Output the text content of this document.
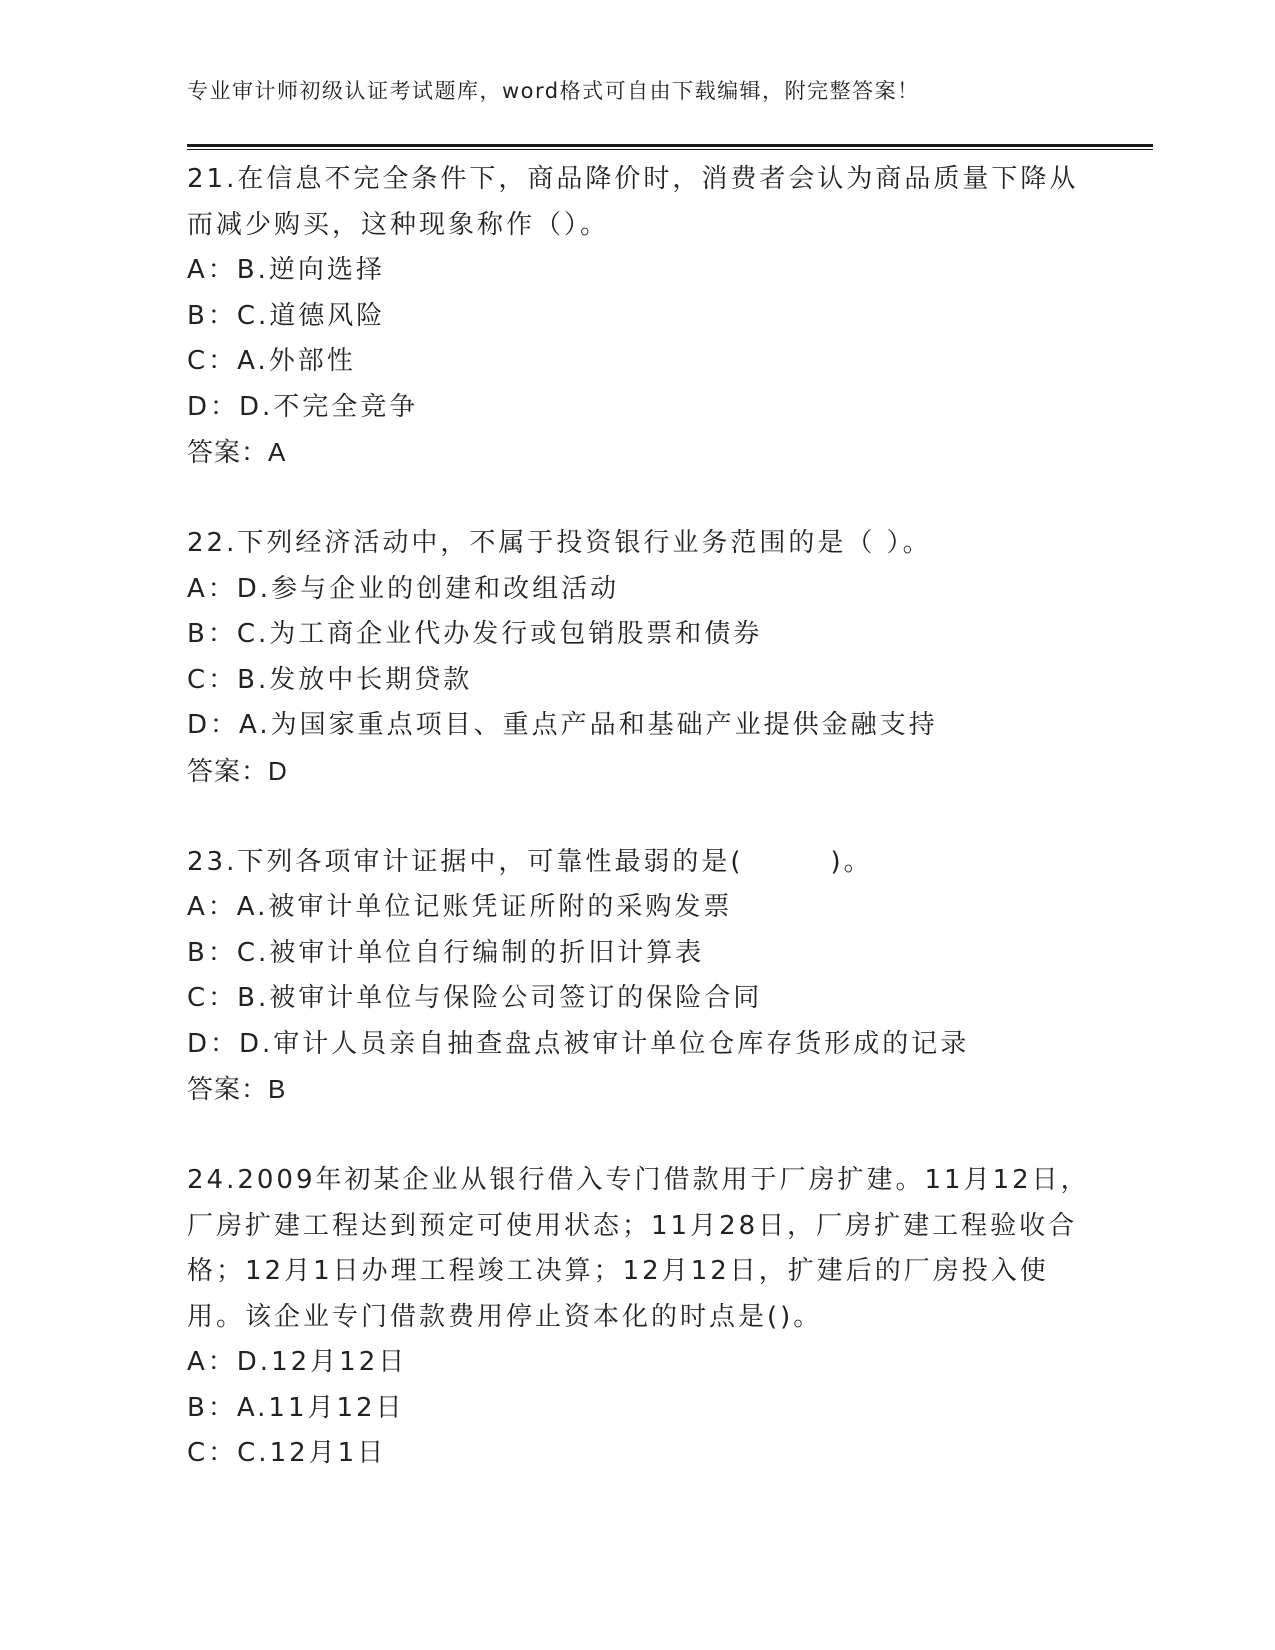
专业审计师初级认证考试题库，word格式可自由下载编辑，附完整答案！
21.在信息不完全条件下，商品降价时，消费者会认为商品质量下降从
而减少购买，这种现象称作（）。
A：B.逆向选择
B：C.道德风险
C：A.外部性
D：D.不完全竞争
答案：A
22.下列经济活动中，不属于投资银行业务范围的是（ ）。
A：D.参与企业的创建和改组活动
B：C.为工商企业代办发行或包销股票和债券
C：B.发放中长期贷款
D：A.为国家重点项目、重点产品和基础产业提供金融支持
答案：D
23.下列各项审计证据中，可靠性最弱的是(　　　)。
A：A.被审计单位记账凭证所附的采购发票
B：C.被审计单位自行编制的折旧计算表
C：B.被审计单位与保险公司签订的保险合同
D：D.审计人员亲自抽查盘点被审计单位仓库存货形成的记录
答案：B
24.2009年初某企业从银行借入专门借款用于厂房扩建。11月12日，
厂房扩建工程达到预定可使用状态；11月28日，厂房扩建工程验收合
格；12月1日办理工程竣工决算；12月12日，扩建后的厂房投入使
用。该企业专门借款费用停止资本化的时点是()。
A：D.12月12日
B：A.11月12日
C：C.12月1日
